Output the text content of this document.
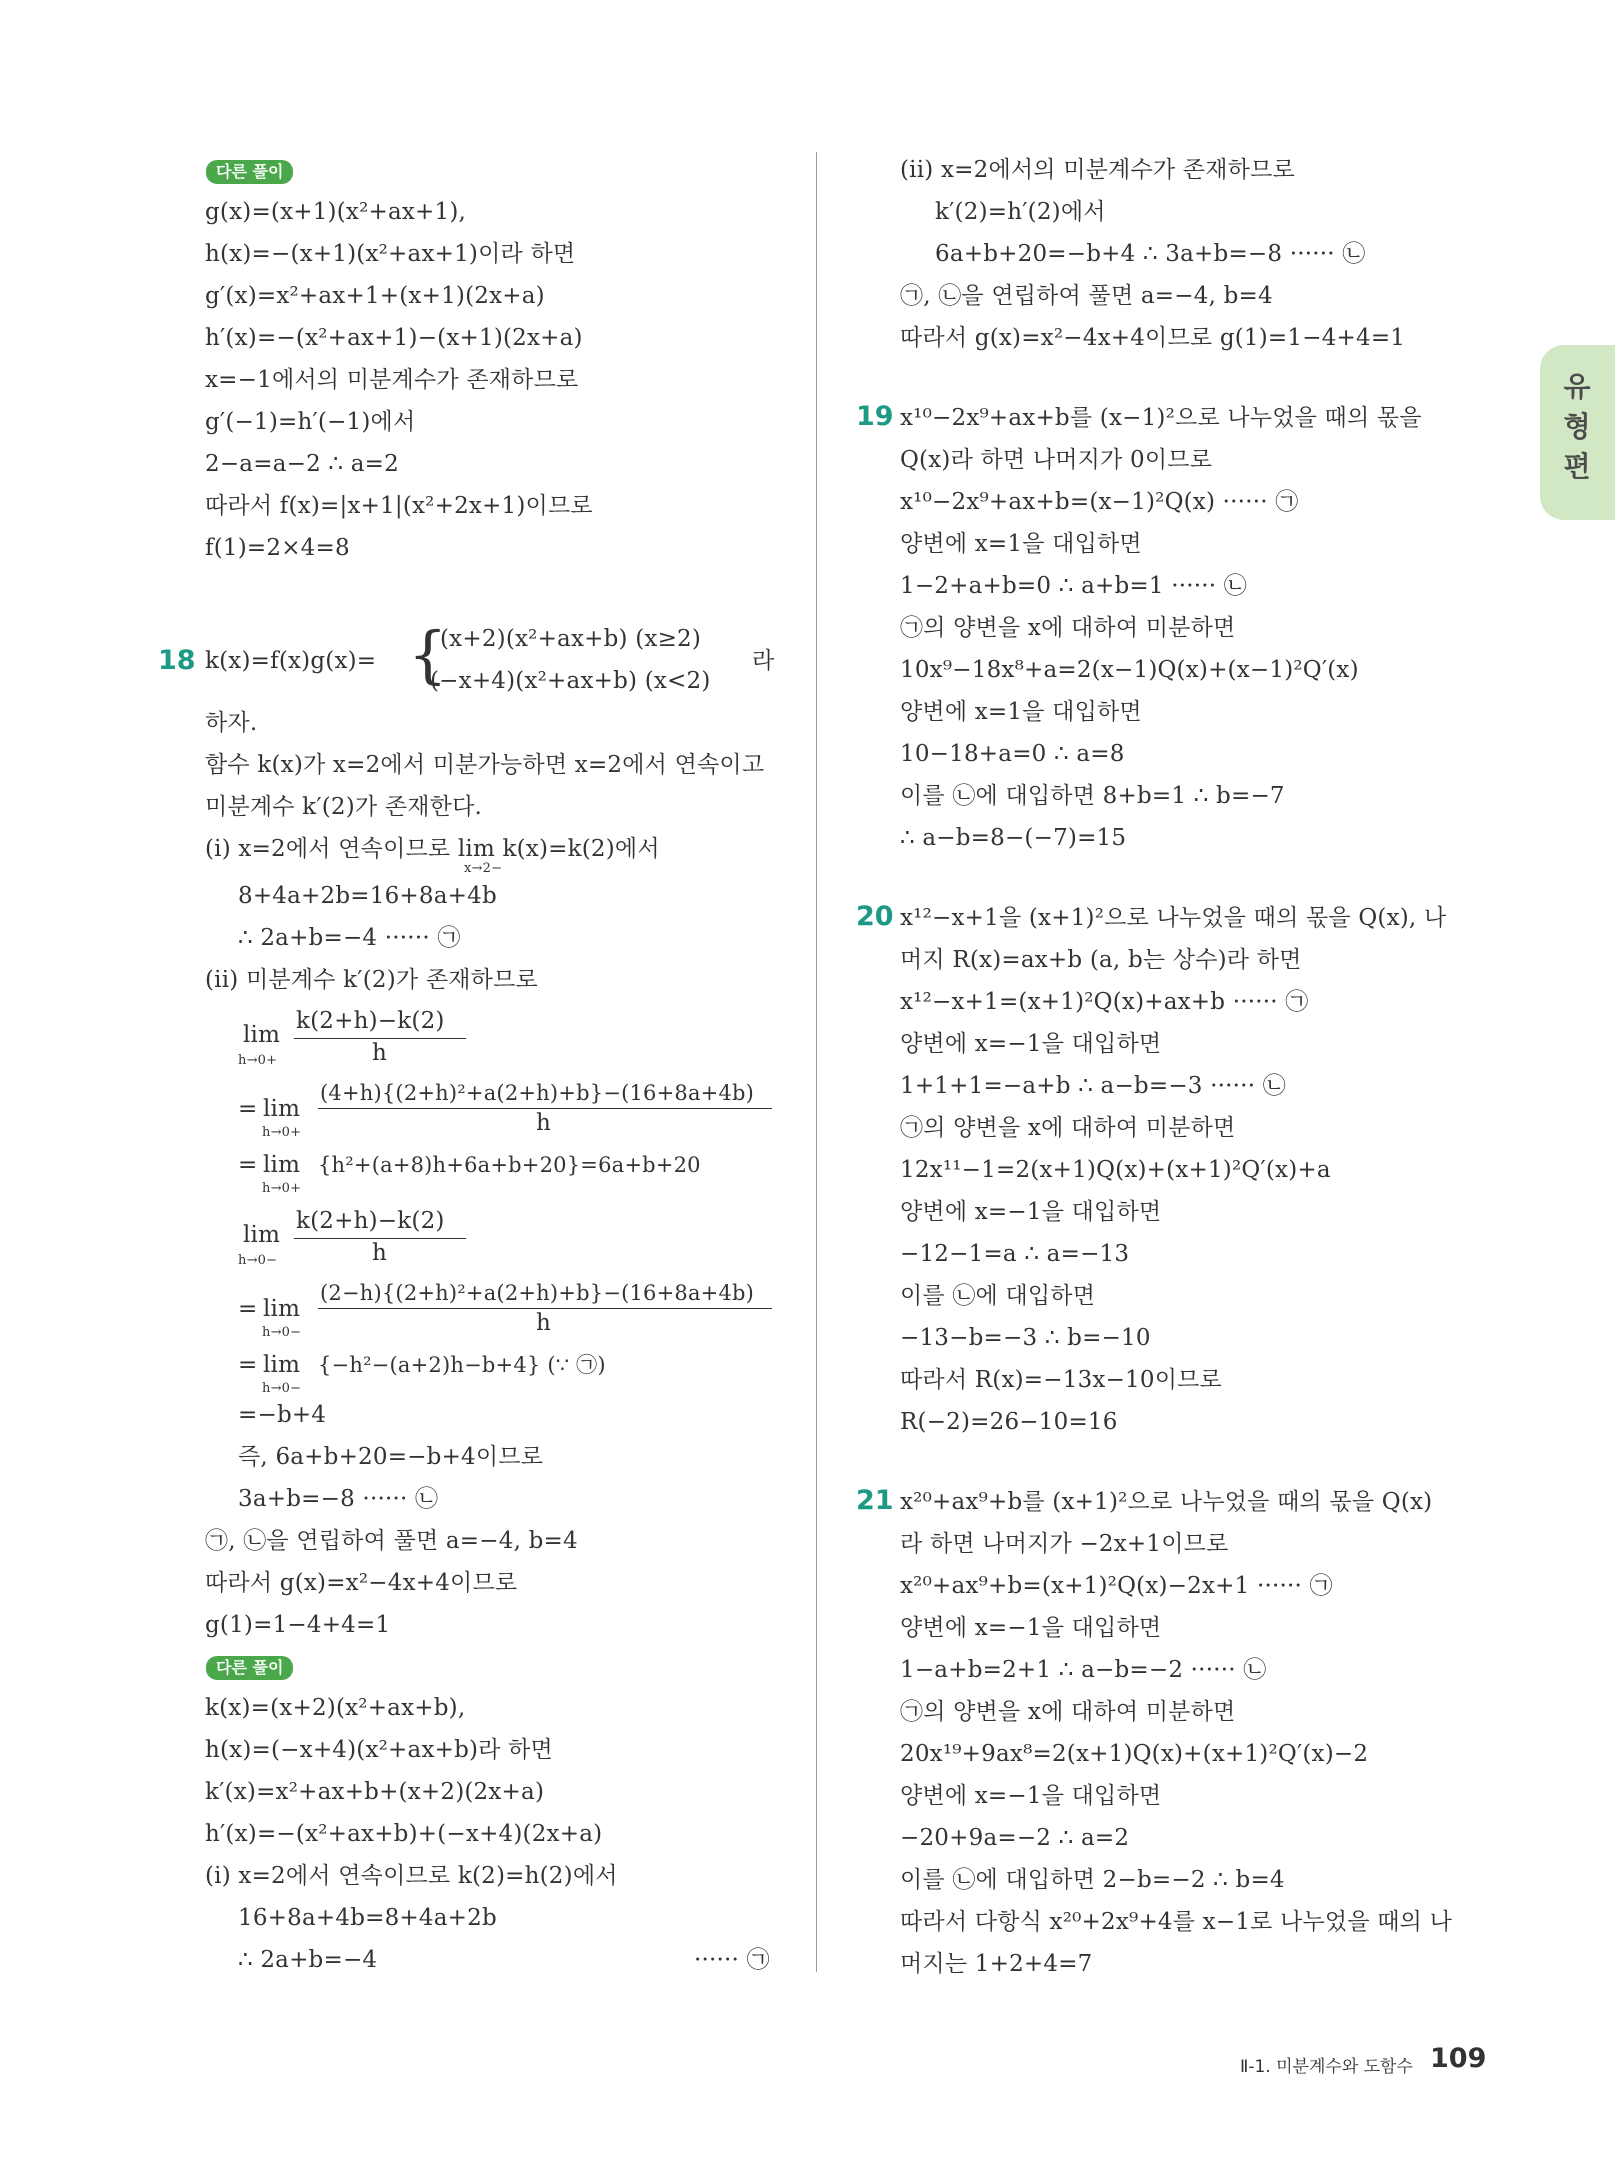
유형편
다른 풀이
g(x)=(x+1)(x²+ax+1),
h(x)=−(x+1)(x²+ax+1)이라 하면
g′(x)=x²+ax+1+(x+1)(2x+a)
h′(x)=−(x²+ax+1)−(x+1)(2x+a)
x=−1에서의 미분계수가 존재하므로
g′(−1)=h′(−1)에서
2−a=a−2 ∴ a=2
따라서 f(x)=|x+1|(x²+2x+1)이므로
f(1)=2×4=8
18 k(x)=f(x)g(x)= {
(x+2)(x²+ax+b) (x≥2)
(−x+4)(x²+ax+b) (x<2)
라
하자.
함수 k(x)가 x=2에서 미분가능하면 x=2에서 연속이고
미분계수 k′(2)가 존재한다.
(i) x=2에서 연속이므로 lim k(x)=k(2)에서
x→2−
8+4a+2b=16+8a+4b
∴ 2a+b=−4 ······ ㉠
(ii) 미분계수 k′(2)가 존재하므로
lim
h→0+
k(2+h)−k(2)
h
= lim
h→0+
(4+h){(2+h)²+a(2+h)+b}−(16+8a+4b)
h
= lim
h→0+
{h²+(a+8)h+6a+b+20}=6a+b+20
lim
h→0−
k(2+h)−k(2)
h
= lim
h→0−
(2−h){(2+h)²+a(2+h)+b}−(16+8a+4b)
h
= lim
h→0−
{−h²−(a+2)h−b+4} (∵ ㉠)
=−b+4
즉, 6a+b+20=−b+4이므로
3a+b=−8 ······ ㉡
㉠, ㉡을 연립하여 풀면 a=−4, b=4
따라서 g(x)=x²−4x+4이므로
g(1)=1−4+4=1
다른 풀이
k(x)=(x+2)(x²+ax+b),
h(x)=(−x+4)(x²+ax+b)라 하면
k′(x)=x²+ax+b+(x+2)(2x+a)
h′(x)=−(x²+ax+b)+(−x+4)(2x+a)
(i) x=2에서 연속이므로 k(2)=h(2)에서
16+8a+4b=8+4a+2b
∴ 2a+b=−4	······ ㉠
(ii) x=2에서의 미분계수가 존재하므로
k′(2)=h′(2)에서
6a+b+20=−b+4 ∴ 3a+b=−8 ······ ㉡
㉠, ㉡을 연립하여 풀면 a=−4, b=4
따라서 g(x)=x²−4x+4이므로 g(1)=1−4+4=1
19 x¹⁰−2x⁹+ax+b를 (x−1)²으로 나누었을 때의 몫을
Q(x)라 하면 나머지가 0이므로
x¹⁰−2x⁹+ax+b=(x−1)²Q(x) ······ ㉠
양변에 x=1을 대입하면
1−2+a+b=0 ∴ a+b=1 ······ ㉡
㉠의 양변을 x에 대하여 미분하면
10x⁹−18x⁸+a=2(x−1)Q(x)+(x−1)²Q′(x)
양변에 x=1을 대입하면
10−18+a=0 ∴ a=8
이를 ㉡에 대입하면 8+b=1 ∴ b=−7
∴ a−b=8−(−7)=15
20 x¹²−x+1을 (x+1)²으로 나누었을 때의 몫을 Q(x), 나
머지 R(x)=ax+b (a, b는 상수)라 하면
x¹²−x+1=(x+1)²Q(x)+ax+b ······ ㉠
양변에 x=−1을 대입하면
1+1+1=−a+b ∴ a−b=−3 ······ ㉡
㉠의 양변을 x에 대하여 미분하면
12x¹¹−1=2(x+1)Q(x)+(x+1)²Q′(x)+a
양변에 x=−1을 대입하면
−12−1=a ∴ a=−13
이를 ㉡에 대입하면
−13−b=−3 ∴ b=−10
따라서 R(x)=−13x−10이므로
R(−2)=26−10=16
21 x²⁰+ax⁹+b를 (x+1)²으로 나누었을 때의 몫을 Q(x)
라 하면 나머지가 −2x+1이므로
x²⁰+ax⁹+b=(x+1)²Q(x)−2x+1 ······ ㉠
양변에 x=−1을 대입하면
1−a+b=2+1 ∴ a−b=−2 ······ ㉡
㉠의 양변을 x에 대하여 미분하면
20x¹⁹+9ax⁸=2(x+1)Q(x)+(x+1)²Q′(x)−2
양변에 x=−1을 대입하면
−20+9a=−2 ∴ a=2
이를 ㉡에 대입하면 2−b=−2 ∴ b=4
따라서 다항식 x²⁰+2x⁹+4를 x−1로 나누었을 때의 나
머지는 1+2+4=7
Ⅱ-1. 미분계수와 도함수 109
